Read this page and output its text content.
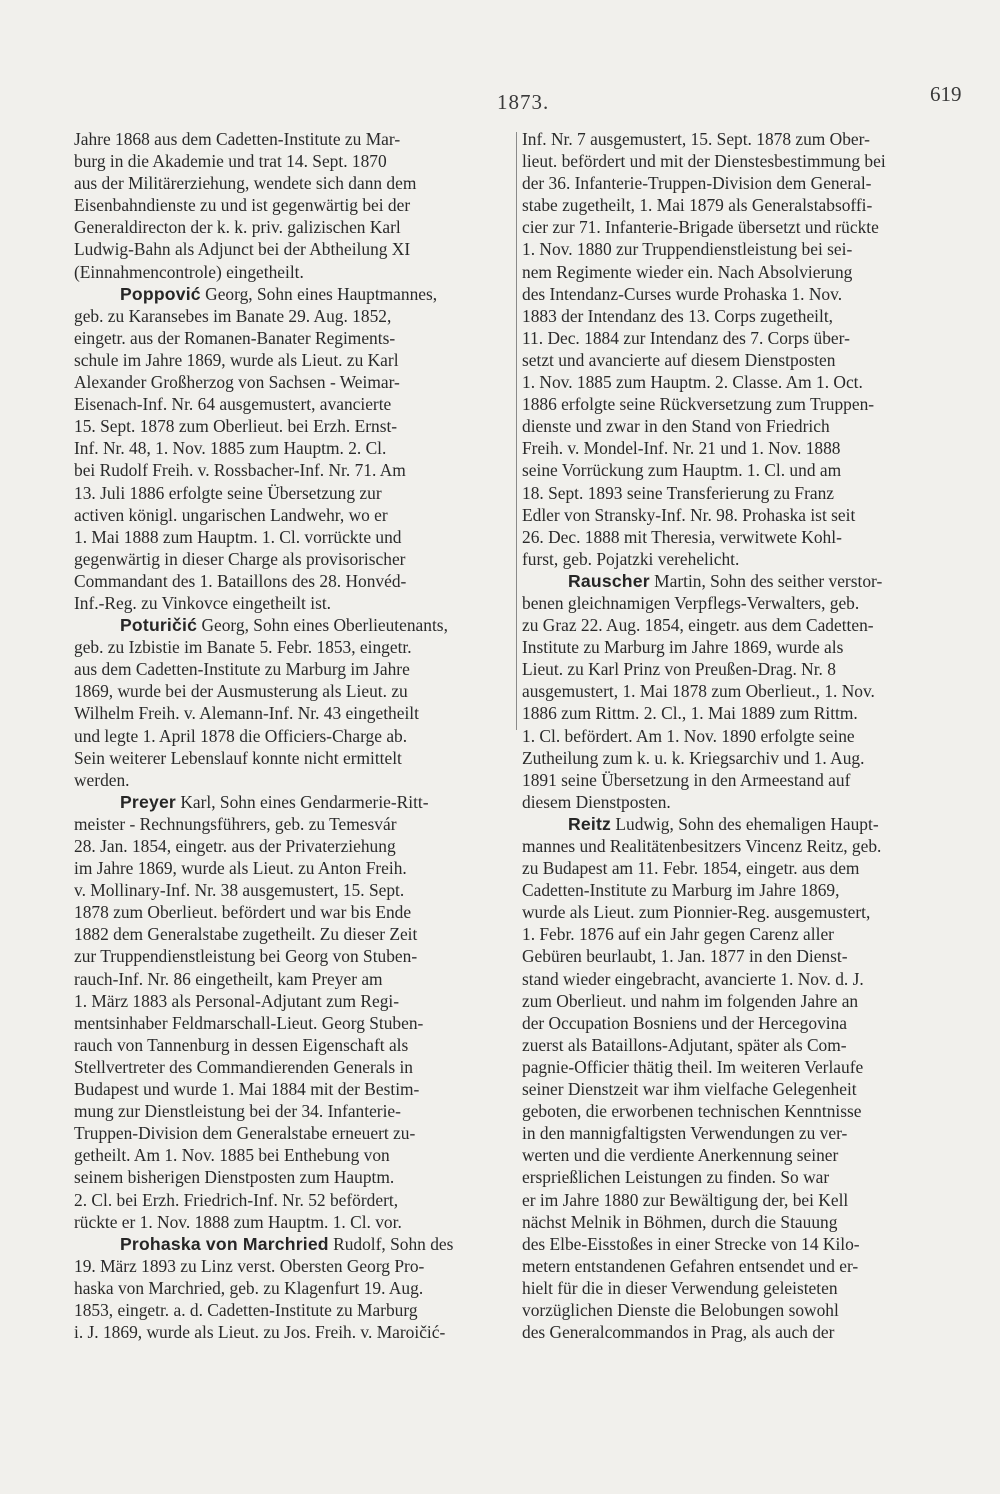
1873.	619
Jahre 1868 aus dem Cadetten-Institute zu Mar-
burg in die Akademie und trat 14. Sept. 1870
aus der Militärerziehung, wendete sich dann dem
Eisenbahndienste zu und ist gegenwärtig bei der
Generaldirecton der k. k. priv. galizischen Karl
Ludwig-Bahn als Adjunct bei der Abtheilung XI
(Einnahmencontrole) eingetheilt.
Poppović Georg, Sohn eines Hauptmannes,
geb. zu Karansebes im Banate 29. Aug. 1852,
eingetr. aus der Romanen-Banater Regiments-
schule im Jahre 1869, wurde als Lieut. zu Karl
Alexander Großherzog von Sachsen - Weimar-
Eisenach-Inf. Nr. 64 ausgemustert, avancierte
15. Sept. 1878 zum Oberlieut. bei Erzh. Ernst-
Inf. Nr. 48, 1. Nov. 1885 zum Hauptm. 2. Cl.
bei Rudolf Freih. v. Rossbacher-Inf. Nr. 71. Am
13. Juli 1886 erfolgte seine Übersetzung zur
activen königl. ungarischen Landwehr, wo er
1. Mai 1888 zum Hauptm. 1. Cl. vorrückte und
gegenwärtig in dieser Charge als provisorischer
Commandant des 1. Bataillons des 28. Honvéd-
Inf.-Reg. zu Vinkovce eingetheilt ist.
Poturičić Georg, Sohn eines Oberlieutenants,
geb. zu Izbistie im Banate 5. Febr. 1853, eingetr.
aus dem Cadetten-Institute zu Marburg im Jahre
1869, wurde bei der Ausmusterung als Lieut. zu
Wilhelm Freih. v. Alemann-Inf. Nr. 43 eingetheilt
und legte 1. April 1878 die Officiers-Charge ab.
Sein weiterer Lebenslauf konnte nicht ermittelt
werden.
Preyer Karl, Sohn eines Gendarmerie-Ritt-
meister - Rechnungsführers, geb. zu Temesvár
28. Jan. 1854, eingetr. aus der Privaterziehung
im Jahre 1869, wurde als Lieut. zu Anton Freih.
v. Mollinary-Inf. Nr. 38 ausgemustert, 15. Sept.
1878 zum Oberlieut. befördert und war bis Ende
1882 dem Generalstabe zugetheilt. Zu dieser Zeit
zur Truppendienstleistung bei Georg von Stuben-
rauch-Inf. Nr. 86 eingetheilt, kam Preyer am
1. März 1883 als Personal-Adjutant zum Regi-
mentsinhaber Feldmarschall-Lieut. Georg Stuben-
rauch von Tannenburg in dessen Eigenschaft als
Stellvertreter des Commandierenden Generals in
Budapest und wurde 1. Mai 1884 mit der Bestim-
mung zur Dienstleistung bei der 34. Infanterie-
Truppen-Division dem Generalstabe erneuert zu-
getheilt. Am 1. Nov. 1885 bei Enthebung von
seinem bisherigen Dienstposten zum Hauptm.
2. Cl. bei Erzh. Friedrich-Inf. Nr. 52 befördert,
rückte er 1. Nov. 1888 zum Hauptm. 1. Cl. vor.
Prohaska von Marchried Rudolf, Sohn des
19. März 1893 zu Linz verst. Obersten Georg Pro-
haska von Marchried, geb. zu Klagenfurt 19. Aug.
1853, eingetr. a. d. Cadetten-Institute zu Marburg
i. J. 1869, wurde als Lieut. zu Jos. Freih. v. Maroičić-
Inf. Nr. 7 ausgemustert, 15. Sept. 1878 zum Ober-
lieut. befördert und mit der Dienstesbestimmung bei
der 36. Infanterie-Truppen-Division dem General-
stabe zugetheilt, 1. Mai 1879 als Generalstabsoffi-
cier zur 71. Infanterie-Brigade übersetzt und rückte
1. Nov. 1880 zur Truppendienstleistung bei sei-
nem Regimente wieder ein. Nach Absolvierung
des Intendanz-Curses wurde Prohaska 1. Nov.
1883 der Intendanz des 13. Corps zugetheilt,
11. Dec. 1884 zur Intendanz des 7. Corps über-
setzt und avancierte auf diesem Dienstposten
1. Nov. 1885 zum Hauptm. 2. Classe. Am 1. Oct.
1886 erfolgte seine Rückversetzung zum Truppen-
dienste und zwar in den Stand von Friedrich
Freih. v. Mondel-Inf. Nr. 21 und 1. Nov. 1888
seine Vorrückung zum Hauptm. 1. Cl. und am
18. Sept. 1893 seine Transferierung zu Franz
Edler von Stransky-Inf. Nr. 98. Prohaska ist seit
26. Dec. 1888 mit Theresia, verwitwete Kohl-
furst, geb. Pojatzki verehelicht.
Rauscher Martin, Sohn des seither verstor-
benen gleichnamigen Verpflegs-Verwalters, geb.
zu Graz 22. Aug. 1854, eingetr. aus dem Cadetten-
Institute zu Marburg im Jahre 1869, wurde als
Lieut. zu Karl Prinz von Preußen-Drag. Nr. 8
ausgemustert, 1. Mai 1878 zum Oberlieut., 1. Nov.
1886 zum Rittm. 2. Cl., 1. Mai 1889 zum Rittm.
1. Cl. befördert. Am 1. Nov. 1890 erfolgte seine
Zutheilung zum k. u. k. Kriegsarchiv und 1. Aug.
1891 seine Übersetzung in den Armeestand auf
diesem Dienstposten.
Reitz Ludwig, Sohn des ehemaligen Haupt-
mannes und Realitätenbesitzers Vincenz Reitz, geb.
zu Budapest am 11. Febr. 1854, eingetr. aus dem
Cadetten-Institute zu Marburg im Jahre 1869,
wurde als Lieut. zum Pionnier-Reg. ausgemustert,
1. Febr. 1876 auf ein Jahr gegen Carenz aller
Gebüren beurlaubt, 1. Jan. 1877 in den Dienst-
stand wieder eingebracht, avancierte 1. Nov. d. J.
zum Oberlieut. und nahm im folgenden Jahre an
der Occupation Bosniens und der Hercegovina
zuerst als Bataillons-Adjutant, später als Com-
pagnie-Officier thätig theil. Im weiteren Verlaufe
seiner Dienstzeit war ihm vielfache Gelegenheit
geboten, die erworbenen technischen Kenntnisse
in den mannigfaltigsten Verwendungen zu ver-
werten und die verdiente Anerkennung seiner
ersprießlichen Leistungen zu finden. So war
er im Jahre 1880 zur Bewältigung der, bei Kell
nächst Melnik in Böhmen, durch die Stauung
des Elbe-Eisstoßes in einer Strecke von 14 Kilo-
metern entstandenen Gefahren entsendet und er-
hielt für die in dieser Verwendung geleisteten
vorzüglichen Dienste die Belobungen sowohl
des Generalcommandos in Prag, als auch der
